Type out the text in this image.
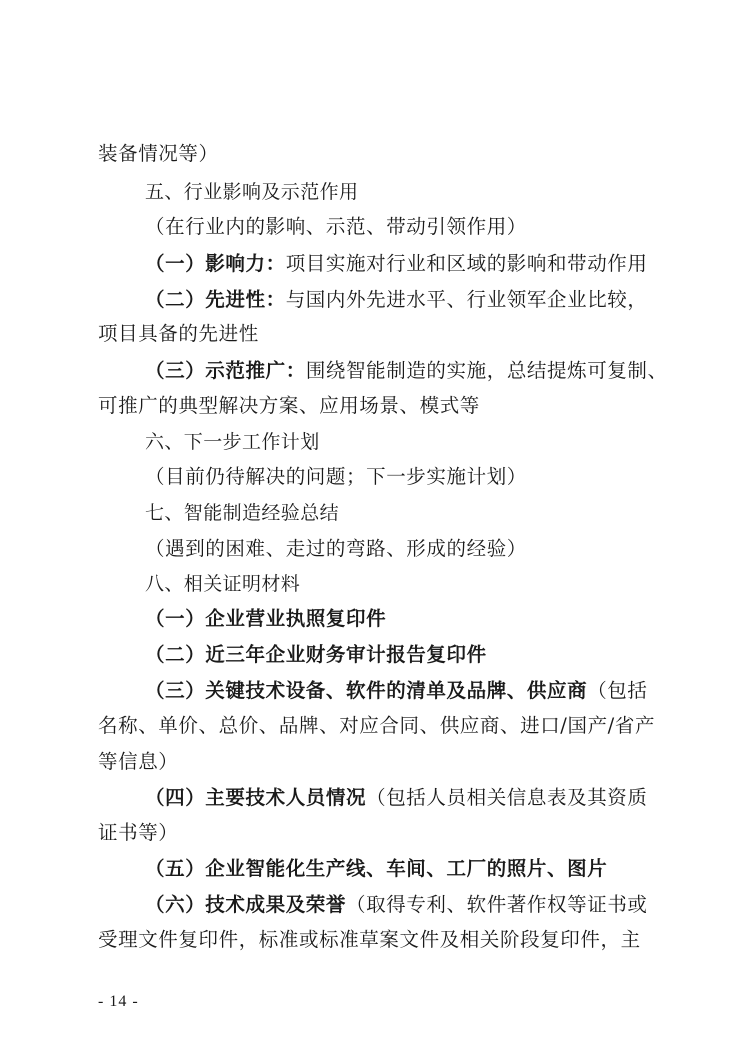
装备情况等）
五、行业影响及示范作用
（在行业内的影响、示范、带动引领作用）
（一）影响力：项目实施对行业和区域的影响和带动作用
（二）先进性：与国内外先进水平、行业领军企业比较，
项目具备的先进性
（三）示范推广：围绕智能制造的实施，总结提炼可复制、
可推广的典型解决方案、应用场景、模式等
六、下一步工作计划
（目前仍待解决的问题；下一步实施计划）
七、智能制造经验总结
（遇到的困难、走过的弯路、形成的经验）
八、相关证明材料
（一）企业营业执照复印件
（二）近三年企业财务审计报告复印件
（三）关键技术设备、软件的清单及品牌、供应商（包括
名称、单价、总价、品牌、对应合同、供应商、进口/国产/省产
等信息）
（四）主要技术人员情况（包括人员相关信息表及其资质
证书等）
（五）企业智能化生产线、车间、工厂的照片、图片
（六）技术成果及荣誉（取得专利、软件著作权等证书或
受理文件复印件，标准或标准草案文件及相关阶段复印件，主
- 14 -
